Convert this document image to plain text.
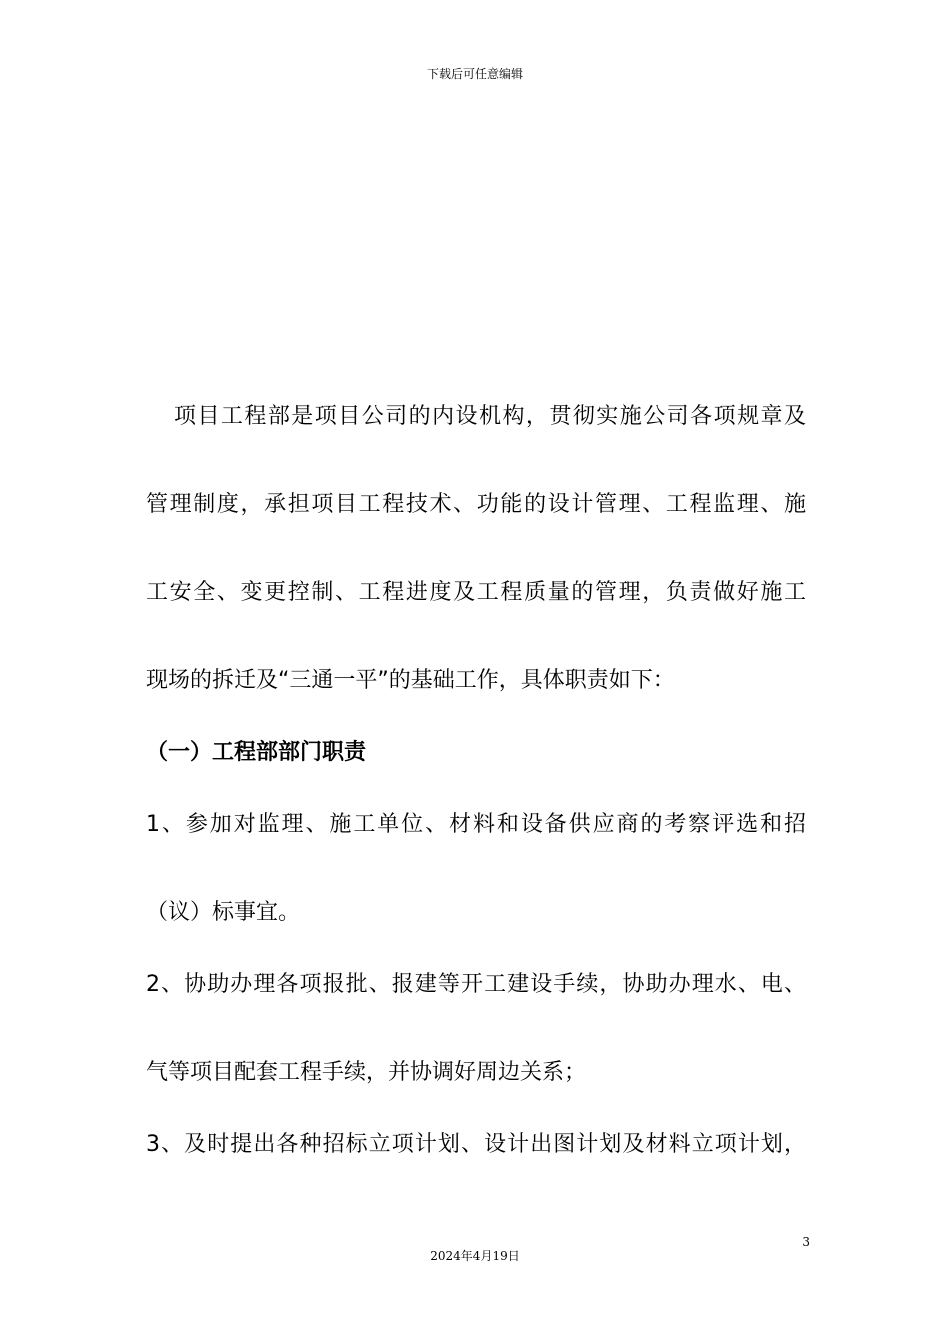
下载后可任意编辑
项目工程部是项目公司的内设机构，贯彻实施公司各项规章及
管理制度，承担项目工程技术、功能的设计管理、工程监理、施
工安全、变更控制、工程进度及工程质量的管理，负责做好施工
现场的拆迁及“三通一平”的基础工作，具体职责如下：
（一）工程部部门职责
1、参加对监理、施工单位、材料和设备供应商的考察评选和招
（议）标事宜。
2、协助办理各项报批、报建等开工建设手续，协助办理水、电、
气等项目配套工程手续，并协调好周边关系；
3、及时提出各种招标立项计划、设计出图计划及材料立项计划，
3
2024年4月19日
